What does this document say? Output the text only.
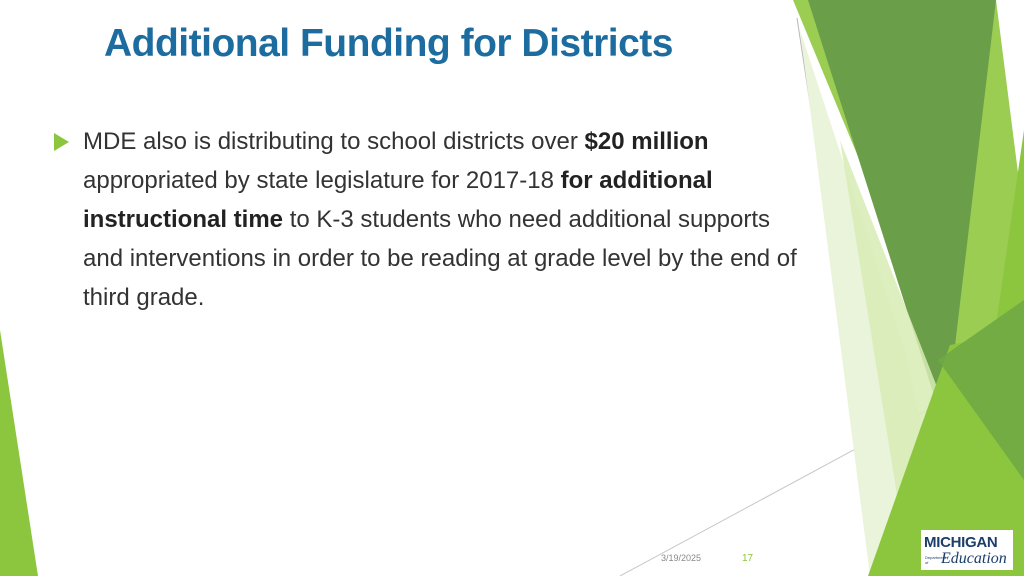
Additional Funding for Districts
MDE also is distributing to school districts over $20 million appropriated by state legislature for 2017-18 for additional instructional time to K-3 students who need additional supports and interventions in order to be reading at grade level by the end of third grade.
3/19/2025	17
MICHIGAN
Department of Education
